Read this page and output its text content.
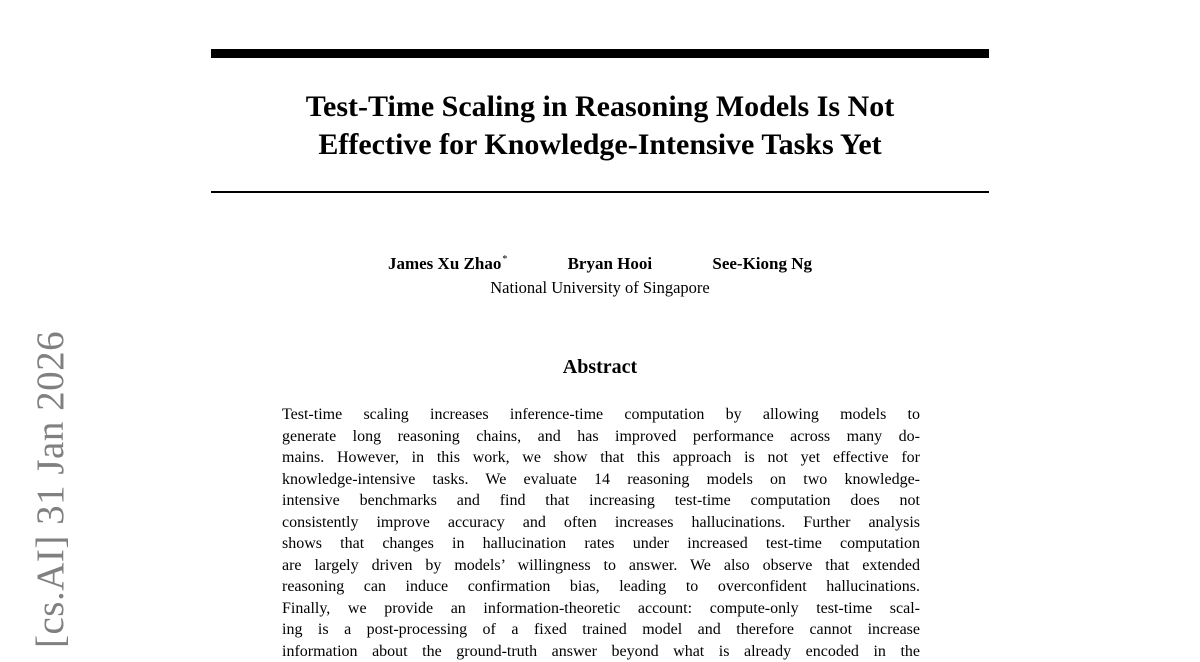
Test-Time Scaling in Reasoning Models Is Not
Effective for Knowledge-Intensive Tasks Yet
James Xu Zhao*	Bryan Hooi	See-Kiong Ng
National University of Singapore
Abstract
Test-time scaling increases inference-time computation by allowing models to
generate long reasoning chains, and has improved performance across many do-
mains. However, in this work, we show that this approach is not yet effective for
knowledge-intensive tasks. We evaluate 14 reasoning models on two knowledge-
intensive benchmarks and find that increasing test-time computation does not
consistently improve accuracy and often increases hallucinations. Further analysis
shows that changes in hallucination rates under increased test-time computation
are largely driven by models’ willingness to answer. We also observe that extended
reasoning can induce confirmation bias, leading to overconfident hallucinations.
Finally, we provide an information-theoretic account: compute-only test-time scal-
ing is a post-processing of a fixed trained model and therefore cannot increase
information about the ground-truth answer beyond what is already encoded in the
[cs.AI] 31 Jan 2026
